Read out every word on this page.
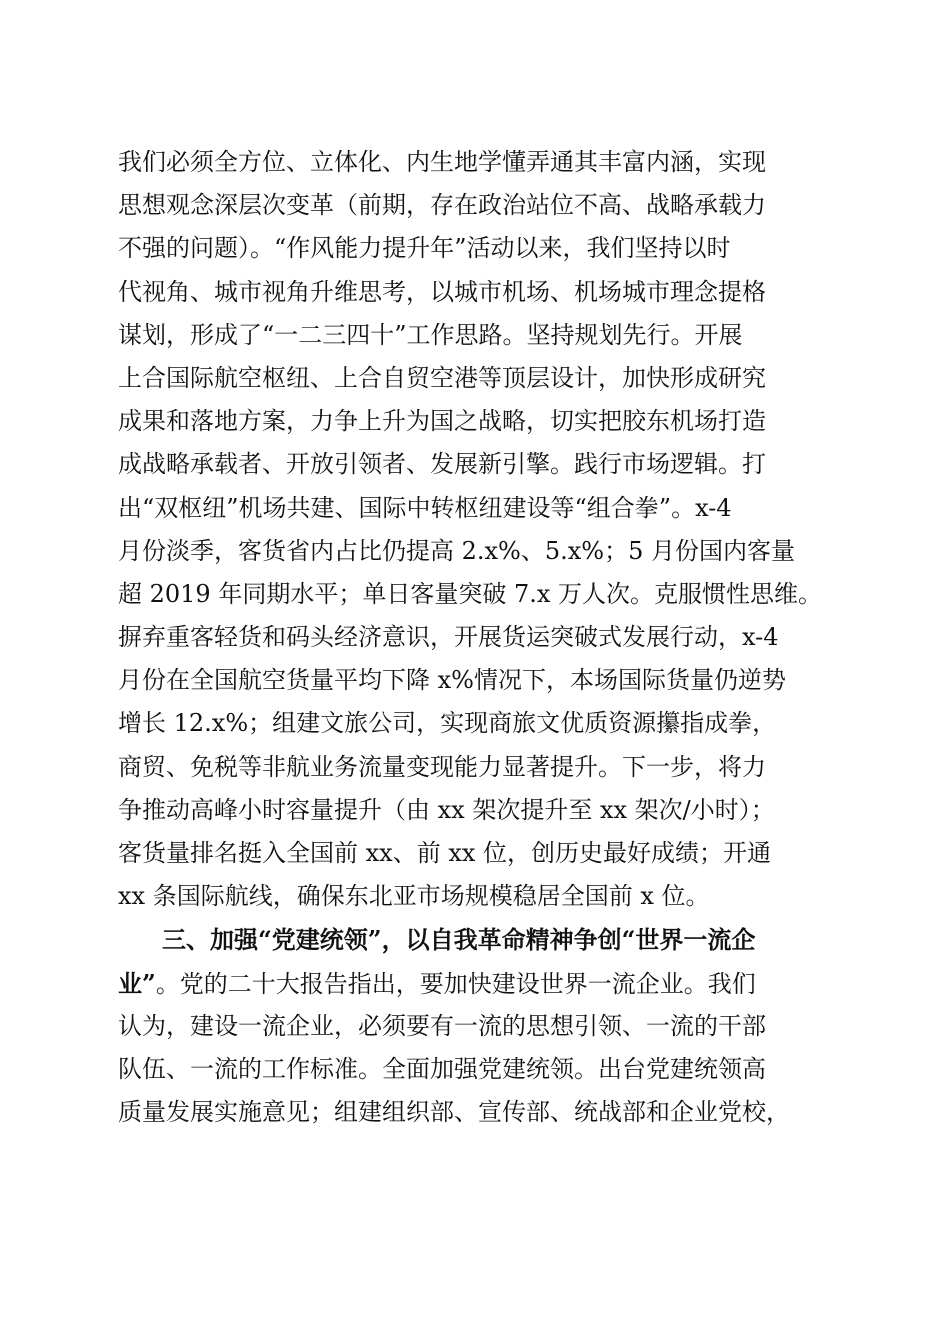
我们必须全方位、立体化、内生地学懂弄通其丰富内涵，实现
思想观念深层次变革（前期，存在政治站位不高、战略承载力
不强的问题）。“作风能力提升年”活动以来，我们坚持以时
代视角、城市视角升维思考，以城市机场、机场城市理念提格
谋划，形成了“一二三四十”工作思路。坚持规划先行。开展
上合国际航空枢纽、上合自贸空港等顶层设计，加快形成研究
成果和落地方案，力争上升为国之战略，切实把胶东机场打造
成战略承载者、开放引领者、发展新引擎。践行市场逻辑。打
出“双枢纽”机场共建、国际中转枢纽建设等“组合拳”。x-4
月份淡季，客货省内占比仍提高 2.x%、5.x%；5 月份国内客量
超 2019 年同期水平；单日客量突破 7.x 万人次。克服惯性思维。
摒弃重客轻货和码头经济意识，开展货运突破式发展行动，x-4
月份在全国航空货量平均下降 x%情况下，本场国际货量仍逆势
增长 12.x%；组建文旅公司，实现商旅文优质资源攥指成拳，
商贸、免税等非航业务流量变现能力显著提升。下一步，将力
争推动高峰小时容量提升（由 xx 架次提升至 xx 架次/小时）；
客货量排名挺入全国前 xx、前 xx 位，创历史最好成绩；开通
xx 条国际航线，确保东北亚市场规模稳居全国前 x 位。
三、加强“党建统领”，以自我革命精神争创“世界一流企
业”。党的二十大报告指出，要加快建设世界一流企业。我们
认为，建设一流企业，必须要有一流的思想引领、一流的干部
队伍、一流的工作标准。全面加强党建统领。出台党建统领高
质量发展实施意见；组建组织部、宣传部、统战部和企业党校，
